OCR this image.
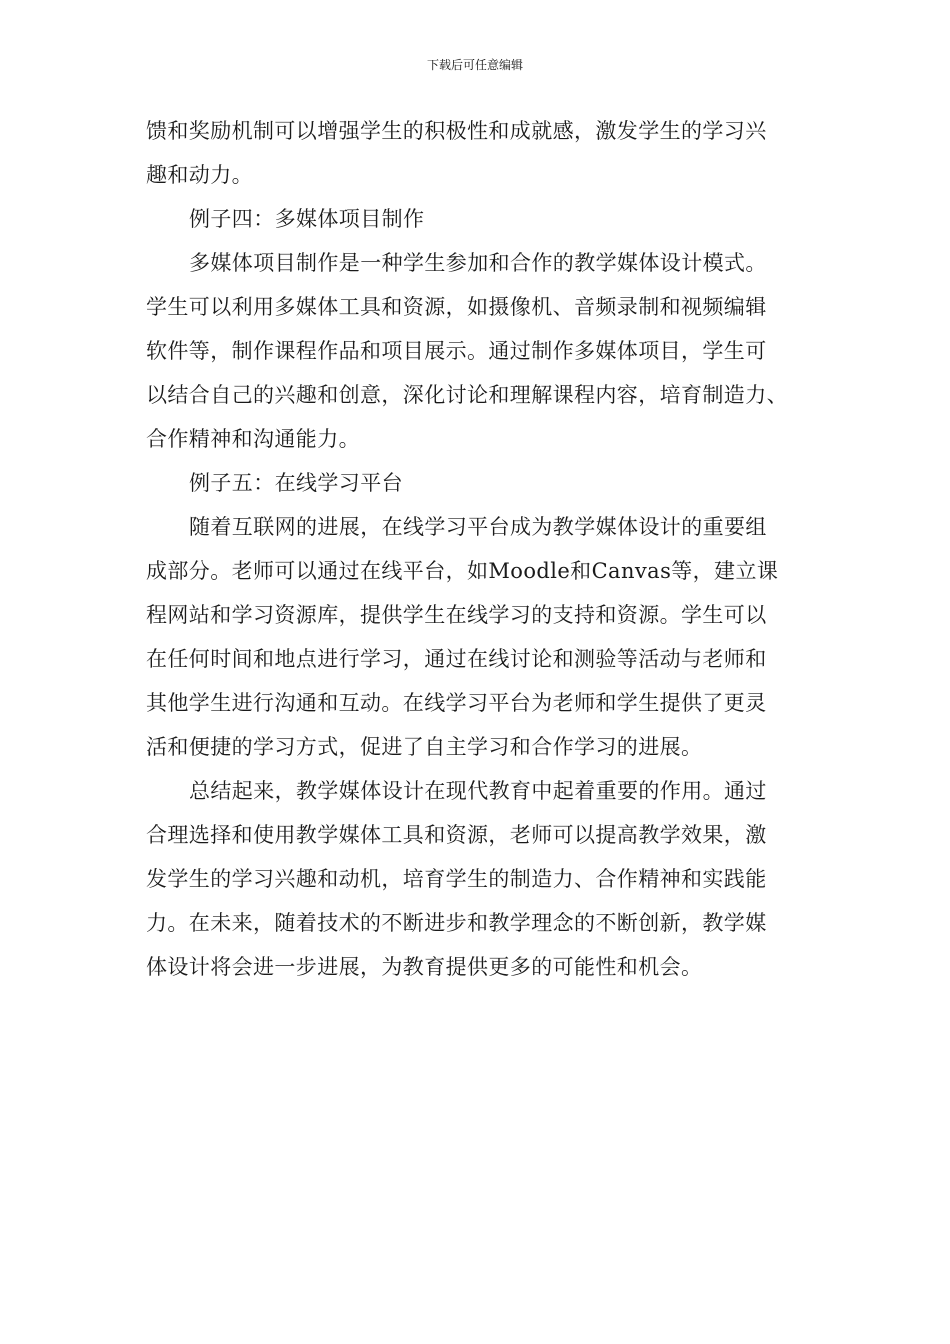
下载后可任意编辑
馈和奖励机制可以增强学生的积极性和成就感，激发学生的学习兴
趣和动力。
例子四：多媒体项目制作
多媒体项目制作是一种学生参加和合作的教学媒体设计模式。
学生可以利用多媒体工具和资源，如摄像机、音频录制和视频编辑
软件等，制作课程作品和项目展示。通过制作多媒体项目，学生可
以结合自己的兴趣和创意，深化讨论和理解课程内容，培育制造力、
合作精神和沟通能力。
例子五：在线学习平台
随着互联网的进展，在线学习平台成为教学媒体设计的重要组
成部分。老师可以通过在线平台，如Moodle和Canvas等，建立课
程网站和学习资源库，提供学生在线学习的支持和资源。学生可以
在任何时间和地点进行学习，通过在线讨论和测验等活动与老师和
其他学生进行沟通和互动。在线学习平台为老师和学生提供了更灵
活和便捷的学习方式，促进了自主学习和合作学习的进展。
总结起来，教学媒体设计在现代教育中起着重要的作用。通过
合理选择和使用教学媒体工具和资源，老师可以提高教学效果，激
发学生的学习兴趣和动机，培育学生的制造力、合作精神和实践能
力。在未来，随着技术的不断进步和教学理念的不断创新，教学媒
体设计将会进一步进展，为教育提供更多的可能性和机会。
